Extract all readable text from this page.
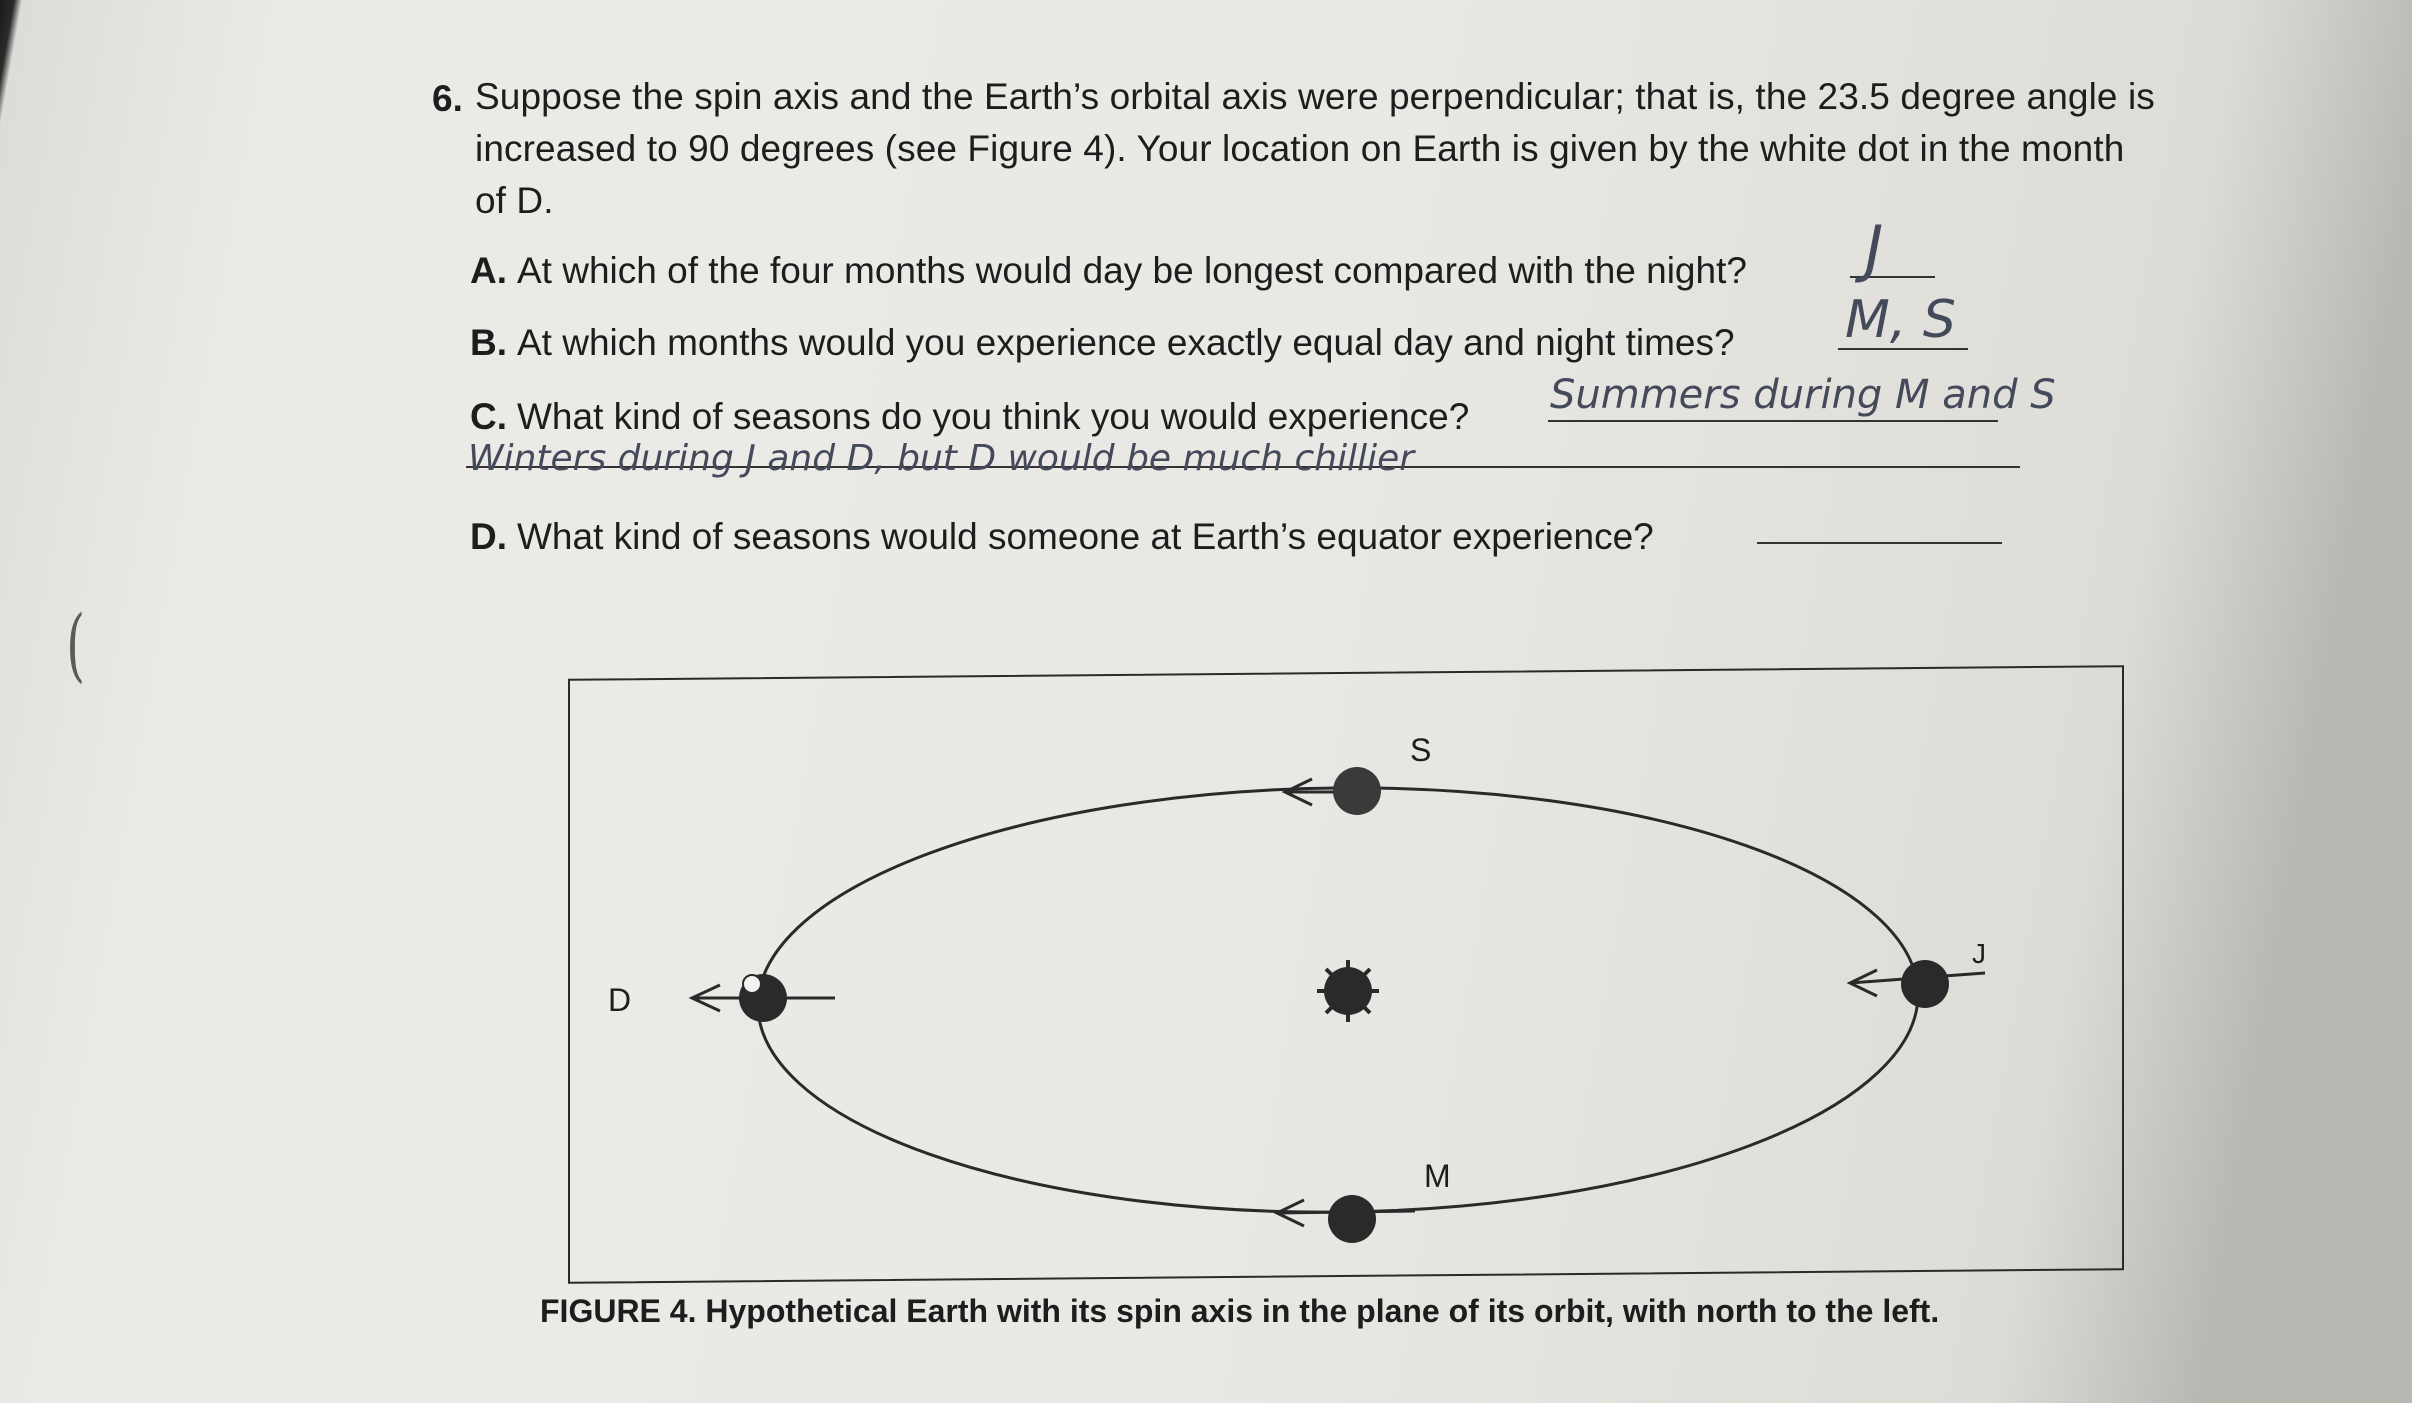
(
6. Suppose the spin axis and the Earth’s orbital axis were perpendicular; that is, the 23.5 degree angle is
increased to 90 degrees (see Figure 4). Your location on Earth is given by the white dot in the month
of D.
A. At which of the four months would day be longest compared with the night? J
B. At which months would you experience exactly equal day and night times? M, S
C. What kind of seasons do you think you would experience? Summers during M and S
Winters during J and D, but D would be much chillier
D. What kind of seasons would someone at Earth’s equator experience?
S
D
J
M
FIGURE 4. Hypothetical Earth with its spin axis in the plane of its orbit, with north to the left.
